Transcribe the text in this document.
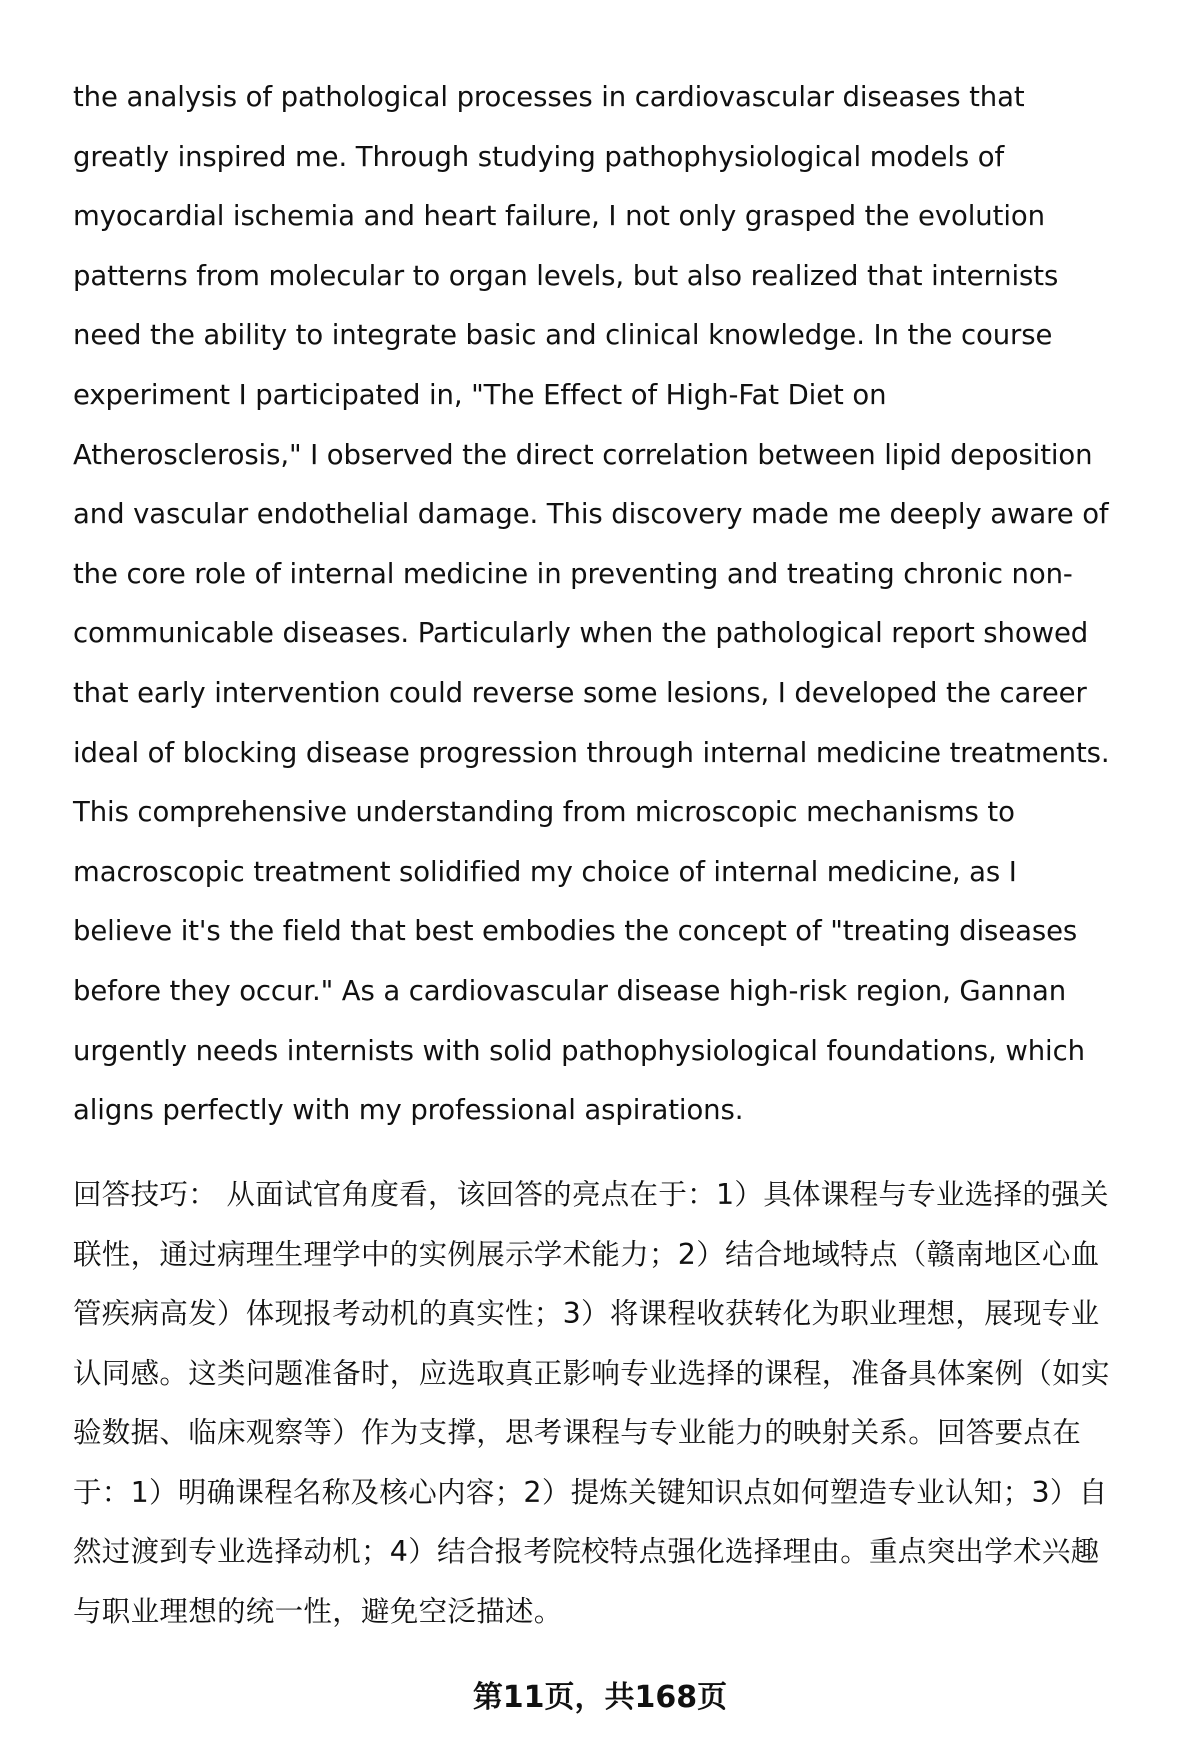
the analysis of pathological processes in cardiovascular diseases that
greatly inspired me. Through studying pathophysiological models of
myocardial ischemia and heart failure, I not only grasped the evolution
patterns from molecular to organ levels, but also realized that internists
need the ability to integrate basic and clinical knowledge. In the course
experiment I participated in, "The Effect of High-Fat Diet on
Atherosclerosis," I observed the direct correlation between lipid deposition
and vascular endothelial damage. This discovery made me deeply aware of
the core role of internal medicine in preventing and treating chronic non-
communicable diseases. Particularly when the pathological report showed
that early intervention could reverse some lesions, I developed the career
ideal of blocking disease progression through internal medicine treatments.
This comprehensive understanding from microscopic mechanisms to
macroscopic treatment solidified my choice of internal medicine, as I
believe it's the field that best embodies the concept of "treating diseases
before they occur." As a cardiovascular disease high-risk region, Gannan
urgently needs internists with solid pathophysiological foundations, which
aligns perfectly with my professional aspirations.
回答技巧： 从面试官角度看，该回答的亮点在于：1）具体课程与专业选择的强关
联性，通过病理生理学中的实例展示学术能力；2）结合地域特点（赣南地区心血
管疾病高发）体现报考动机的真实性；3）将课程收获转化为职业理想，展现专业
认同感。这类问题准备时，应选取真正影响专业选择的课程，准备具体案例（如实
验数据、临床观察等）作为支撑，思考课程与专业能力的映射关系。回答要点在
于：1）明确课程名称及核心内容；2）提炼关键知识点如何塑造专业认知；3）自
然过渡到专业选择动机；4）结合报考院校特点强化选择理由。重点突出学术兴趣
与职业理想的统一性，避免空泛描述。
第11页，共168页
